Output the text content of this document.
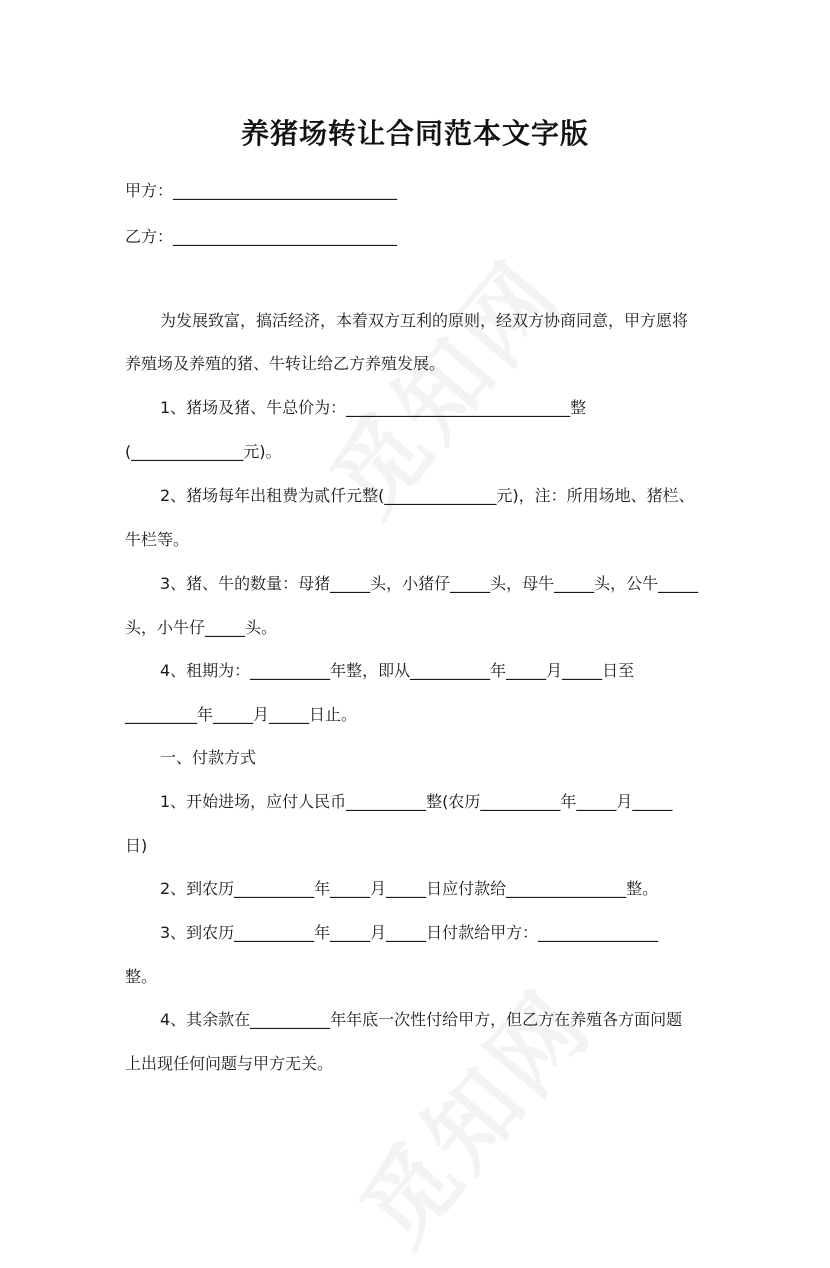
养猪场转让合同范本文字版
甲方：____________________________
乙方：____________________________
为发展致富，搞活经济，本着双方互利的原则，经双方协商同意，甲方愿将
养殖场及养殖的猪、牛转让给乙方养殖发展。
1、猪场及猪、牛总价为：____________________________整
(______________元)。
2、猪场每年出租费为贰仟元整(______________元)，注：所用场地、猪栏、
牛栏等。
3、猪、牛的数量：母猪_____头，小猪仔_____头，母牛_____头，公牛_____
头，小牛仔_____头。
4、租期为：__________年整，即从__________年_____月_____日至
_________年_____月_____日止。
一、付款方式
1、开始进场，应付人民币__________整(农历__________年_____月_____
日)
2、到农历__________年_____月_____日应付款给_______________整。
3、到农历__________年_____月_____日付款给甲方：_______________
整。
4、其余款在__________年年底一次性付给甲方，但乙方在养殖各方面问题
上出现任何问题与甲方无关。
